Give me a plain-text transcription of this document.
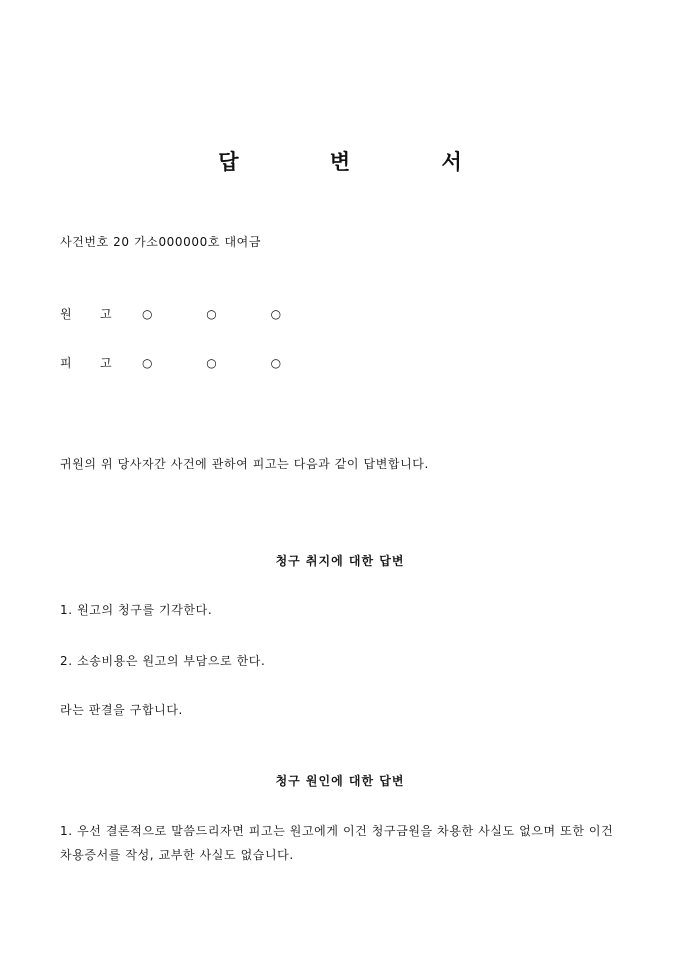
답 변 서

사건번호 20 가소000000호 대여금

원 고	○ ○ ○

피 고	○ ○ ○

귀원의 위 당사자간 사건에 관하여 피고는 다음과 같이 답변합니다.

청구 취지에 대한 답변

1. 원고의 청구를 기각한다.

2. 소송비용은 원고의 부담으로 한다.

라는 판결을 구합니다.

청구 원인에 대한 답변

1. 우선 결론적으로 말씀드리자면 피고는 원고에게 이건 청구금원을 차용한 사실도 없으며 또한 이건 차용증서를 작성, 교부한 사실도 없습니다.
